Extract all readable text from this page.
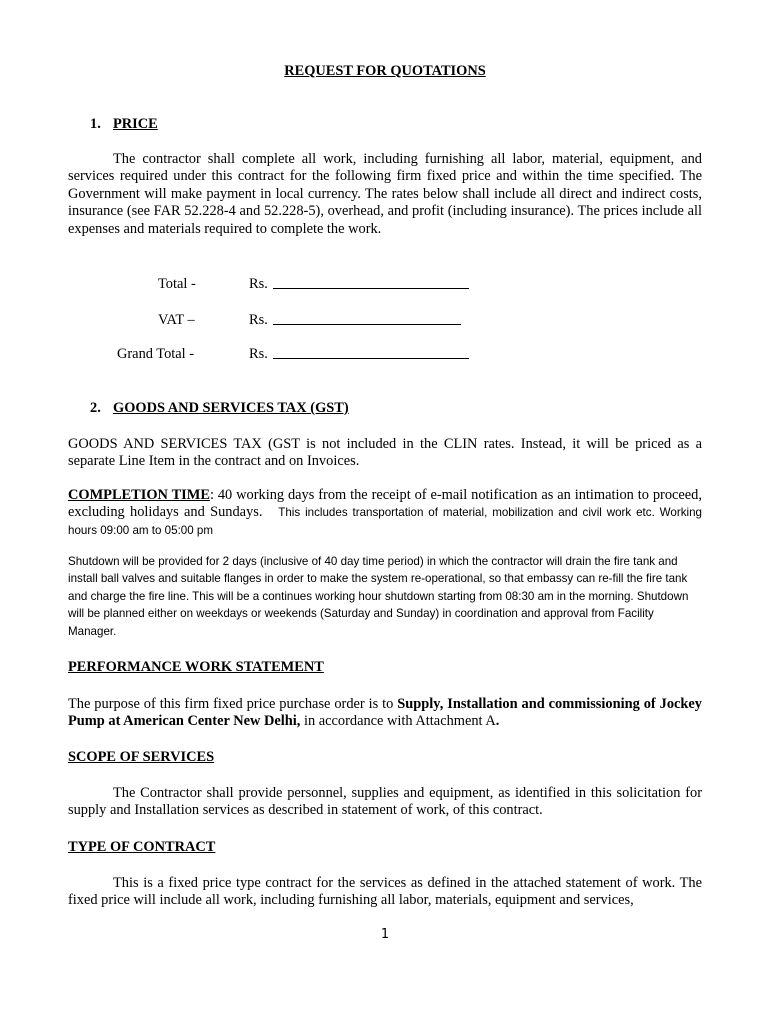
REQUEST FOR QUOTATIONS
1. PRICE
The contractor shall complete all work, including furnishing all labor, material, equipment, and services required under this contract for the following firm fixed price and within the time specified. The Government will make payment in local currency. The rates below shall include all direct and indirect costs, insurance (see FAR 52.228-4 and 52.228-5), overhead, and profit (including insurance). The prices include all expenses and materials required to complete the work.
Total -	Rs.
VAT –	Rs.
Grand Total -	Rs.
2. GOODS AND SERVICES TAX (GST)
GOODS AND SERVICES TAX (GST is not included in the CLIN rates. Instead, it will be priced as a separate Line Item in the contract and on Invoices.
COMPLETION TIME: 40 working days from the receipt of e-mail notification as an intimation to proceed, excluding holidays and Sundays. This includes transportation of material, mobilization and civil work etc. Working hours 09:00 am to 05:00 pm
Shutdown will be provided for 2 days (inclusive of 40 day time period) in which the contractor will drain the fire tank and install ball valves and suitable flanges in order to make the system re-operational, so that embassy can re-fill the fire tank and charge the fire line. This will be a continues working hour shutdown starting from 08:30 am in the morning. Shutdown will be planned either on weekdays or weekends (Saturday and Sunday) in coordination and approval from Facility Manager.
PERFORMANCE WORK STATEMENT
The purpose of this firm fixed price purchase order is to Supply, Installation and commissioning of Jockey Pump at American Center New Delhi, in accordance with Attachment A.
SCOPE OF SERVICES
The Contractor shall provide personnel, supplies and equipment, as identified in this solicitation for supply and Installation services as described in statement of work, of this contract.
TYPE OF CONTRACT
This is a fixed price type contract for the services as defined in the attached statement of work. The fixed price will include all work, including furnishing all labor, materials, equipment and services,
1
